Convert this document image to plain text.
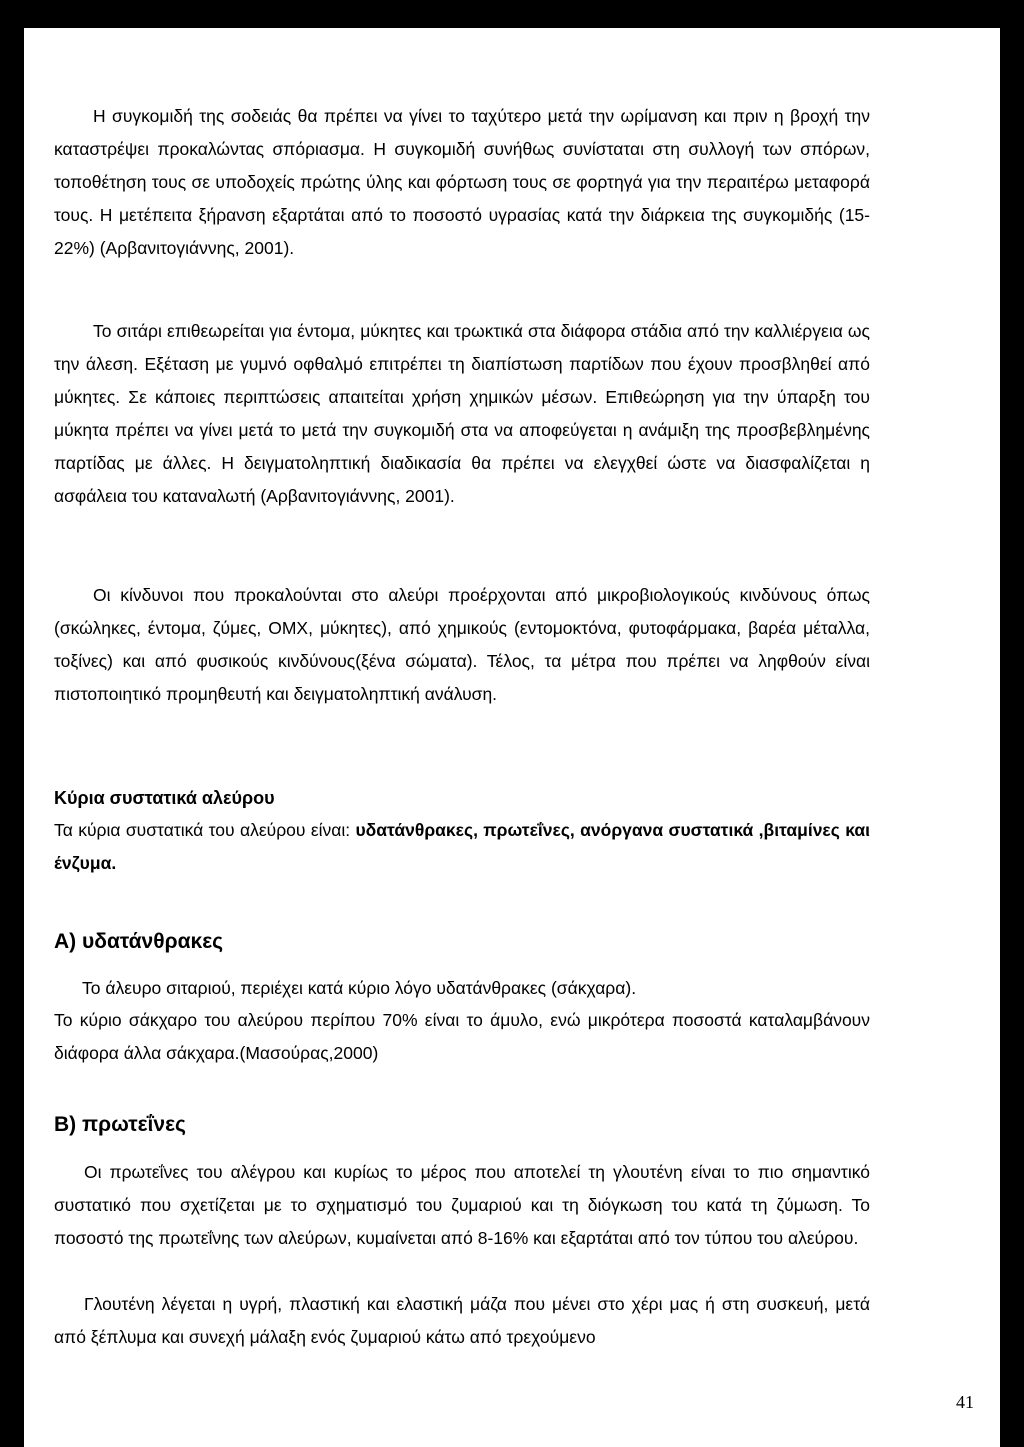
Η συγκομιδή της σοδειάς θα πρέπει να γίνει το ταχύτερο μετά την ωρίμανση και πριν η βροχή την καταστρέψει προκαλώντας σπόριασμα. Η συγκομιδή συνήθως συνίσταται στη συλλογή των σπόρων, τοποθέτηση τους σε υποδοχείς πρώτης ύλης και φόρτωση τους σε φορτηγά για την περαιτέρω μεταφορά τους. Η μετέπειτα ξήρανση εξαρτάται από το ποσοστό υγρασίας κατά την διάρκεια της συγκομιδής (15-22%) (Αρβανιτογιάννης, 2001).

Το σιτάρι επιθεωρείται για έντομα, μύκητες και τρωκτικά στα διάφορα στάδια από την καλλιέργεια ως την άλεση. Εξέταση με γυμνό οφθαλμό επιτρέπει τη διαπίστωση παρτίδων που έχουν προσβληθεί από μύκητες. Σε κάποιες περιπτώσεις απαιτείται χρήση χημικών μέσων. Επιθεώρηση για την ύπαρξη του μύκητα πρέπει να γίνει μετά το μετά την συγκομιδή στα να αποφεύγεται η ανάμιξη της προσβεβλημένης παρτίδας με άλλες. Η δειγματοληπτική διαδικασία θα πρέπει να ελεγχθεί ώστε να διασφαλίζεται η ασφάλεια του καταναλωτή (Αρβανιτογιάννης, 2001).

Οι κίνδυνοι που προκαλούνται στο αλεύρι προέρχονται από μικροβιολογικούς κινδύνους όπως (σκώληκες, έντομα, ζύμες, ΟΜΧ, μύκητες), από χημικούς (εντομοκτόνα, φυτοφάρμακα, βαρέα μέταλλα, τοξίνες) και από φυσικούς κινδύνους(ξένα σώματα). Τέλος, τα μέτρα που πρέπει να ληφθούν είναι πιστοποιητικό προμηθευτή και δειγματοληπτική ανάλυση.

Κύρια συστατικά αλεύρου

Τα κύρια συστατικά του αλεύρου είναι: υδατάνθρακες, πρωτεΐνες, ανόργανα συστατικά ,βιταμίνες και ένζυμα.

Α) υδατάνθρακες

Το άλευρο σιταριού, περιέχει κατά κύριο λόγο υδατάνθρακες (σάκχαρα).

Το κύριο σάκχαρο του αλεύρου περίπου 70% είναι το άμυλο, ενώ μικρότερα ποσοστά καταλαμβάνουν διάφορα άλλα σάκχαρα.(Μασούρας,2000)

Β) πρωτεΐνες

Οι πρωτεΐνες του αλέγρου και κυρίως το μέρος που αποτελεί τη γλουτένη είναι το πιο σημαντικό συστατικό που σχετίζεται με το σχηματισμό του ζυμαριού και τη διόγκωση του κατά τη ζύμωση. Το ποσοστό της πρωτεΐνης των αλεύρων, κυμαίνεται από 8-16% και εξαρτάται από τον τύπου του αλεύρου.

Γλουτένη λέγεται η υγρή, πλαστική και ελαστική μάζα που μένει στο χέρι μας ή στη συσκευή, μετά από ξέπλυμα και συνεχή μάλαξη ενός ζυμαριού κάτω από τρεχούμενο

41
